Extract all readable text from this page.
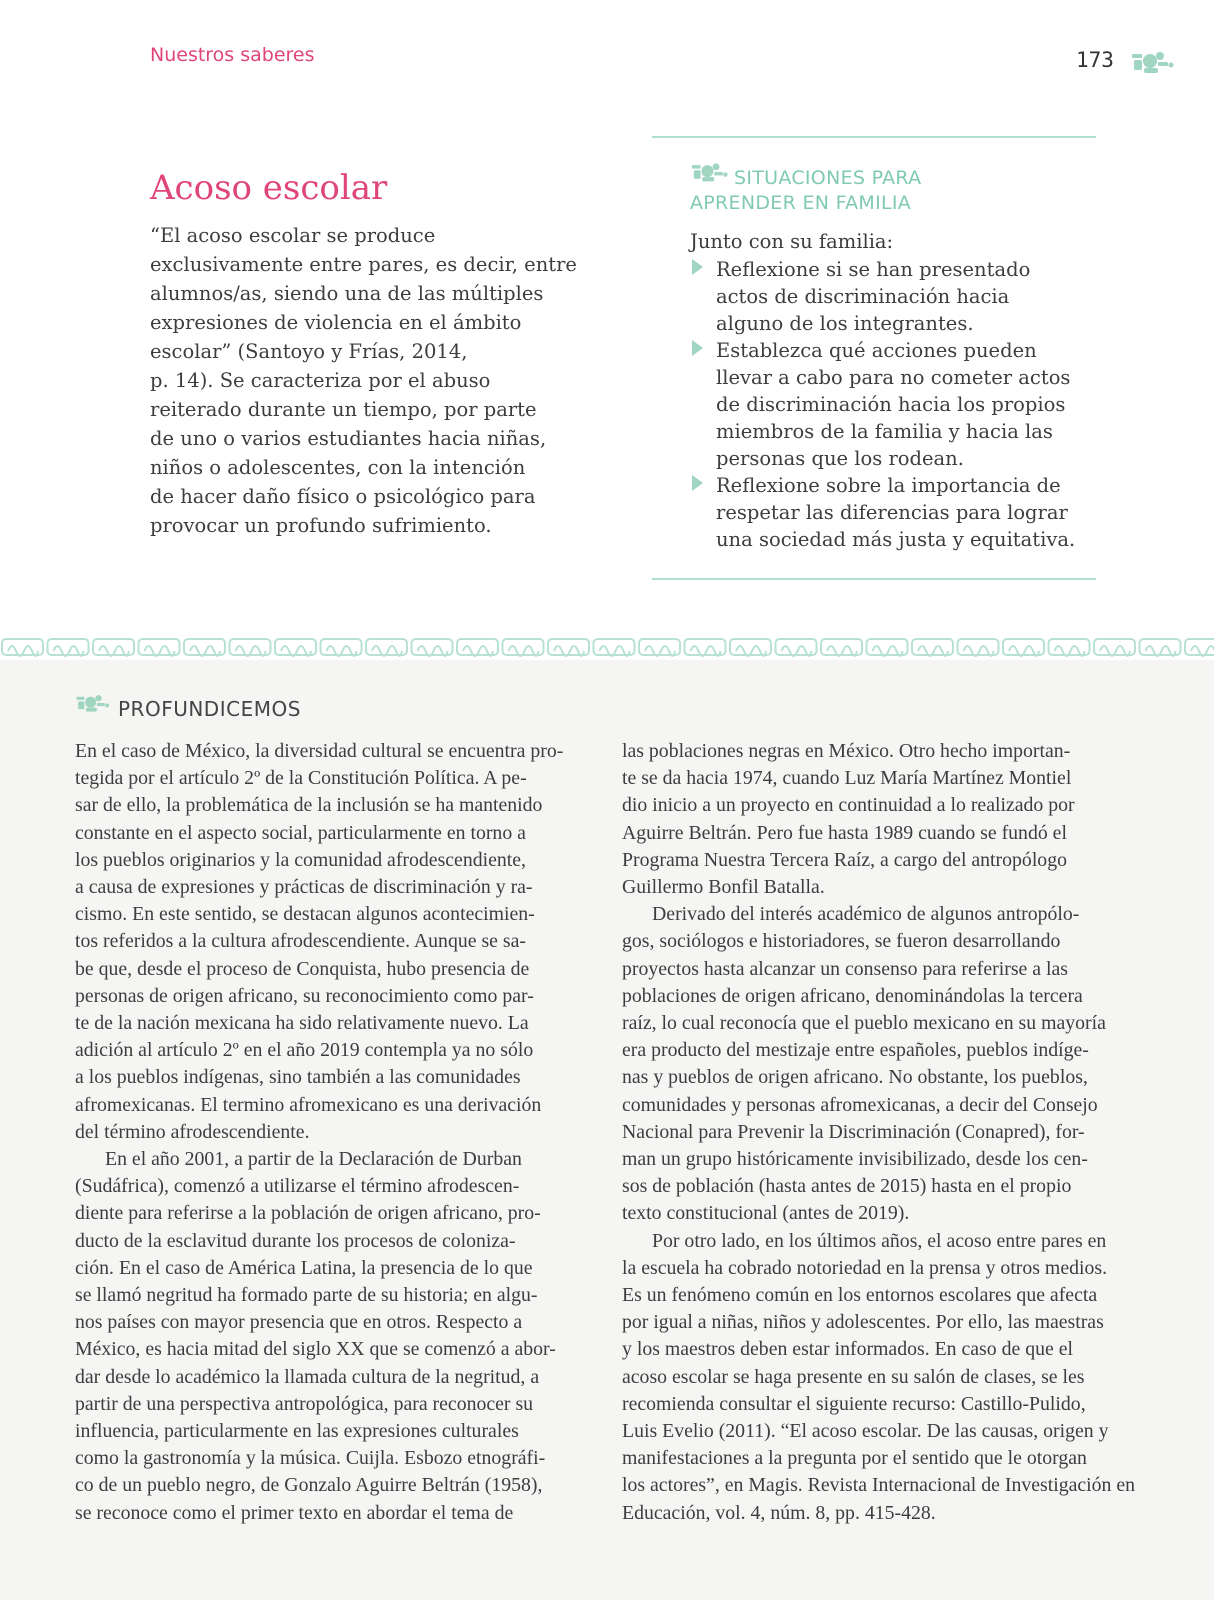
Nuestros saberes	173
Acoso escolar
“El acoso escolar se produce
exclusivamente entre pares, es decir, entre
alumnos/as, siendo una de las múltiples
expresiones de violencia en el ámbito
escolar” (Santoyo y Frías, 2014,
p. 14). Se caracteriza por el abuso
reiterado durante un tiempo, por parte
de uno o varios estudiantes hacia niñas,
niños o adolescentes, con la intención
de hacer daño físico o psicológico para
provocar un profundo sufrimiento.
SITUACIONES PARA
APRENDER EN FAMILIA
Junto con su familia:
Reflexione si se han presentado
actos de discriminación hacia
alguno de los integrantes.
Establezca qué acciones pueden
llevar a cabo para no cometer actos
de discriminación hacia los propios
miembros de la familia y hacia las
personas que los rodean.
Reflexione sobre la importancia de
respetar las diferencias para lograr
una sociedad más justa y equitativa.
PROFUNDICEMOS
En el caso de México, la diversidad cultural se encuentra pro-
tegida por el artículo 2º de la Constitución Política. A pe-
sar de ello, la problemática de la inclusión se ha mantenido
constante en el aspecto social, particularmente en torno a
los pueblos originarios y la comunidad afrodescendiente,
a causa de expresiones y prácticas de discriminación y ra-
cismo. En este sentido, se destacan algunos acontecimien-
tos referidos a la cultura afrodescendiente. Aunque se sa-
be que, desde el proceso de Conquista, hubo presencia de
personas de origen africano, su reconocimiento como par-
te de la nación mexicana ha sido relativamente nuevo. La
adición al artículo 2º en el año 2019 contempla ya no sólo
a los pueblos indígenas, sino también a las comunidades
afromexicanas. El termino afromexicano es una derivación
del término afrodescendiente.
En el año 2001, a partir de la Declaración de Durban
(Sudáfrica), comenzó a utilizarse el término afrodescen-
diente para referirse a la población de origen africano, pro-
ducto de la esclavitud durante los procesos de coloniza-
ción. En el caso de América Latina, la presencia de lo que
se llamó negritud ha formado parte de su historia; en algu-
nos países con mayor presencia que en otros. Respecto a
México, es hacia mitad del siglo XX que se comenzó a abor-
dar desde lo académico la llamada cultura de la negritud, a
partir de una perspectiva antropológica, para reconocer su
influencia, particularmente en las expresiones culturales
como la gastronomía y la música. Cuijla. Esbozo etnográfi-
co de un pueblo negro, de Gonzalo Aguirre Beltrán (1958),
se reconoce como el primer texto en abordar el tema de
las poblaciones negras en México. Otro hecho importan-
te se da hacia 1974, cuando Luz María Martínez Montiel
dio inicio a un proyecto en continuidad a lo realizado por
Aguirre Beltrán. Pero fue hasta 1989 cuando se fundó el
Programa Nuestra Tercera Raíz, a cargo del antropólogo
Guillermo Bonfil Batalla.
Derivado del interés académico de algunos antropólo-
gos, sociólogos e historiadores, se fueron desarrollando
proyectos hasta alcanzar un consenso para referirse a las
poblaciones de origen africano, denominándolas la tercera
raíz, lo cual reconocía que el pueblo mexicano en su mayoría
era producto del mestizaje entre españoles, pueblos indíge-
nas y pueblos de origen africano. No obstante, los pueblos,
comunidades y personas afromexicanas, a decir del Consejo
Nacional para Prevenir la Discriminación (Conapred), for-
man un grupo históricamente invisibilizado, desde los cen-
sos de población (hasta antes de 2015) hasta en el propio
texto constitucional (antes de 2019).
Por otro lado, en los últimos años, el acoso entre pares en
la escuela ha cobrado notoriedad en la prensa y otros medios.
Es un fenómeno común en los entornos escolares que afecta
por igual a niñas, niños y adolescentes. Por ello, las maestras
y los maestros deben estar informados. En caso de que el
acoso escolar se haga presente en su salón de clases, se les
recomienda consultar el siguiente recurso: Castillo-Pulido,
Luis Evelio (2011). “El acoso escolar. De las causas, origen y
manifestaciones a la pregunta por el sentido que le otorgan
los actores”, en Magis. Revista Internacional de Investigación en
Educación, vol. 4, núm. 8, pp. 415-428.
